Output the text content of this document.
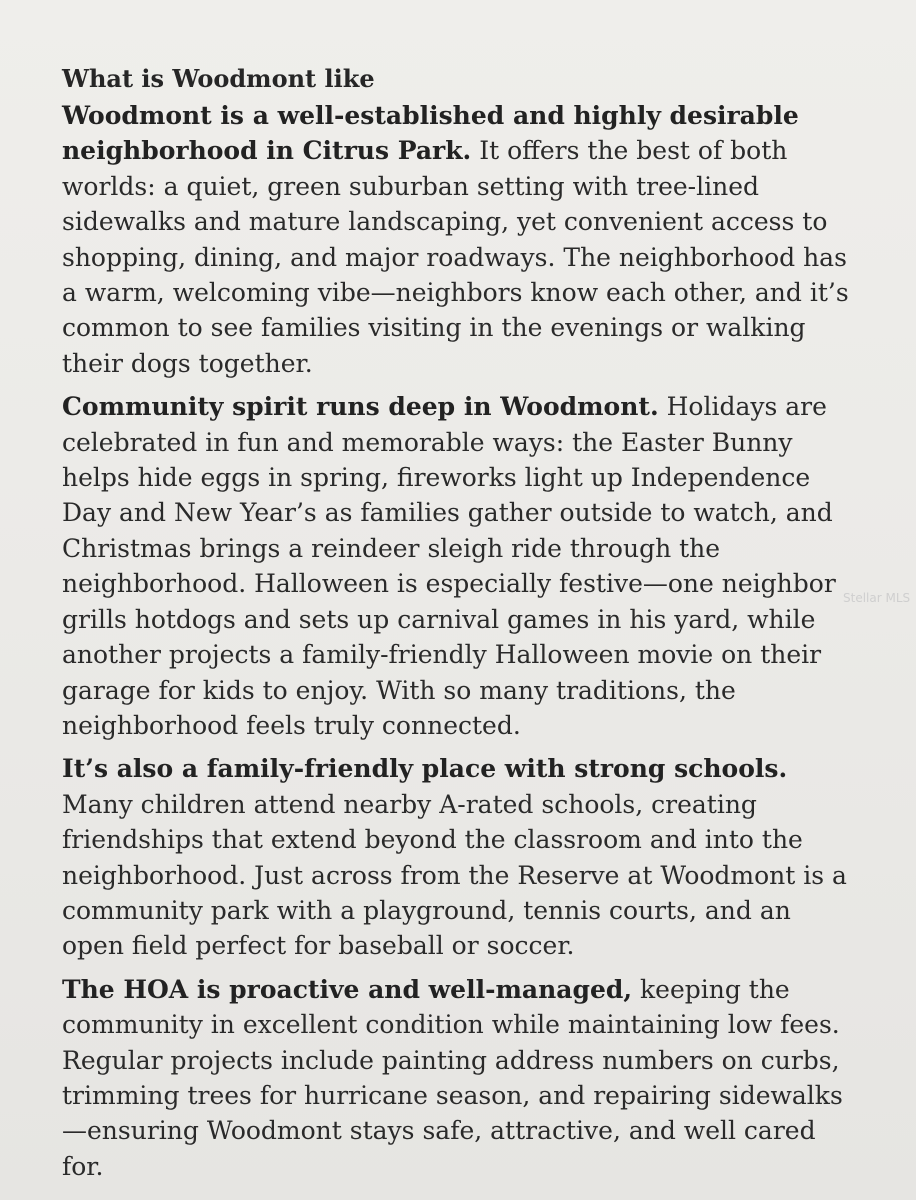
What is Woodmont like

Woodmont is a well-established and highly desirable neighborhood in Citrus Park. It offers the best of both worlds: a quiet, green suburban setting with tree-lined sidewalks and mature landscaping, yet convenient access to shopping, dining, and major roadways. The neighborhood has a warm, welcoming vibe—neighbors know each other, and it’s common to see families visiting in the evenings or walking their dogs together.

Community spirit runs deep in Woodmont. Holidays are celebrated in fun and memorable ways: the Easter Bunny helps hide eggs in spring, fireworks light up Independence Day and New Year’s as families gather outside to watch, and Christmas brings a reindeer sleigh ride through the neighborhood. Halloween is especially festive—one neighbor grills hotdogs and sets up carnival games in his yard, while another projects a family-friendly Halloween movie on their garage for kids to enjoy. With so many traditions, the neighborhood feels truly connected.

It’s also a family-friendly place with strong schools. Many children attend nearby A-rated schools, creating friendships that extend beyond the classroom and into the neighborhood. Just across from the Reserve at Woodmont is a community park with a playground, tennis courts, and an open field perfect for baseball or soccer.

The HOA is proactive and well-managed, keeping the community in excellent condition while maintaining low fees. Regular projects include painting address numbers on curbs, trimming trees for hurricane season, and repairing sidewalks—ensuring Woodmont stays safe, attractive, and well cared for.

Stellar MLS
